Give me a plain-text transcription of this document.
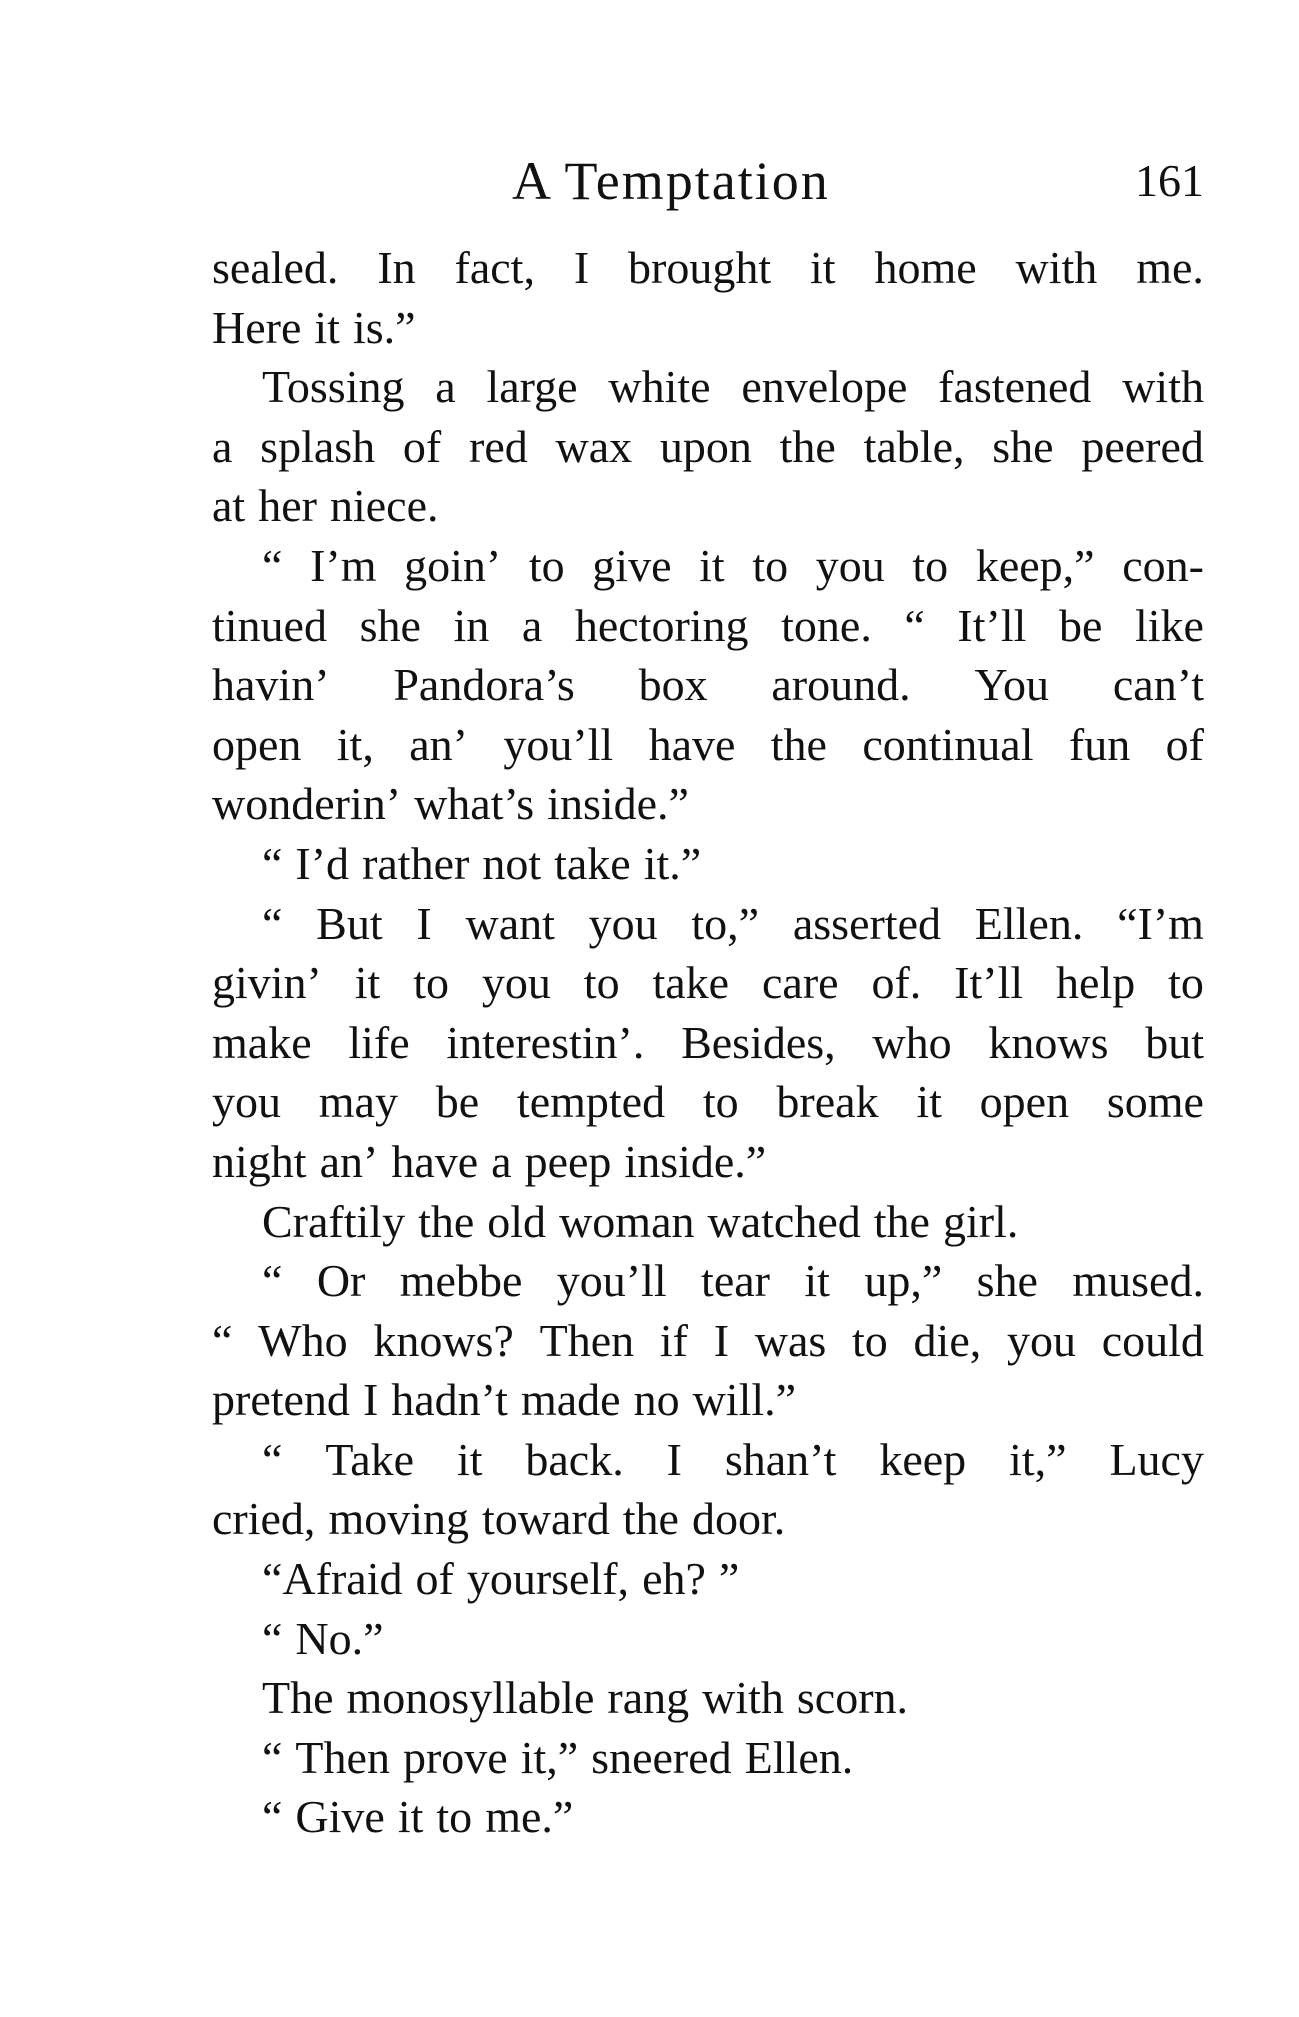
A Temptation	161
sealed. In fact, I brought it home with me.
Here it is.”
Tossing a large white envelope fastened with
a splash of red wax upon the table, she peered
at her niece.
“ I’m goin’ to give it to you to keep,” con-
tinued she in a hectoring tone. “ It’ll be like
havin’ Pandora’s box around. You can’t
open it, an’ you’ll have the continual fun of
wonderin’ what’s inside.”
“ I’d rather not take it.”
“ But I want you to,” asserted Ellen. “I’m
givin’ it to you to take care of. It’ll help to
make life interestin’. Besides, who knows but
you may be tempted to break it open some
night an’ have a peep inside.”
Craftily the old woman watched the girl.
“ Or mebbe you’ll tear it up,” she mused.
“ Who knows? Then if I was to die, you could
pretend I hadn’t made no will.”
“ Take it back. I shan’t keep it,” Lucy
cried, moving toward the door.
“Afraid of yourself, eh? ”
“ No.”
The monosyllable rang with scorn.
“ Then prove it,” sneered Ellen.
“ Give it to me.”
